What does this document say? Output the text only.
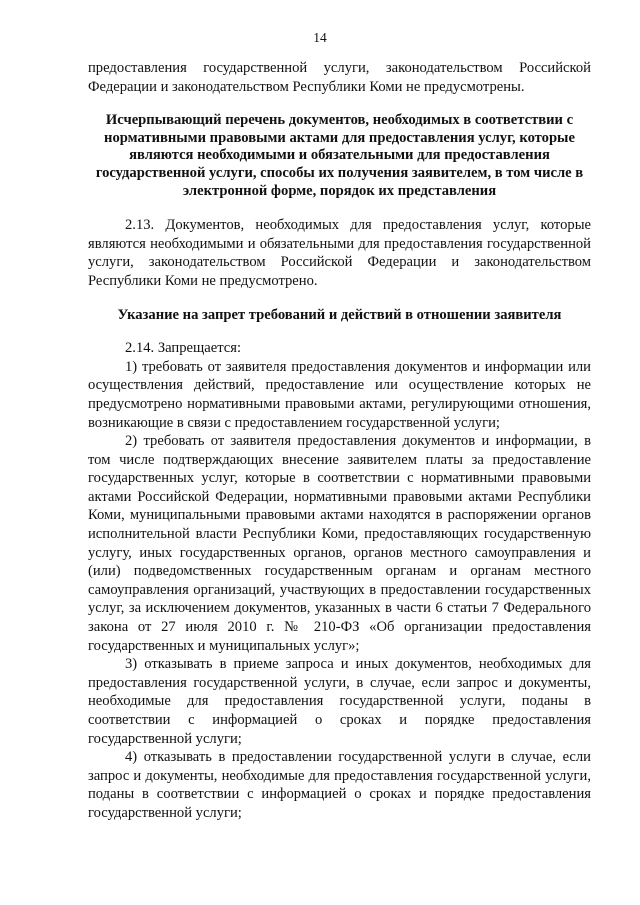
14

предоставления государственной услуги, законодательством Российской Федерации и законодательством Республики Коми не предусмотрены.

Исчерпывающий перечень документов, необходимых в соответствии с нормативными правовыми актами для предоставления услуг, которые являются необходимыми и обязательными для предоставления государственной услуги, способы их получения заявителем, в том числе в электронной форме, порядок их представления

2.13. Документов, необходимых для предоставления услуг, которые являются необходимыми и обязательными для предоставления государственной услуги, законодательством Российской Федерации и законодательством Республики Коми не предусмотрено.

Указание на запрет требований и действий в отношении заявителя

2.14. Запрещается:

1) требовать от заявителя предоставления документов и информации или осуществления действий, предоставление или осуществление которых не предусмотрено нормативными правовыми актами, регулирующими отношения, возникающие в связи с предоставлением государственной услуги;

2) требовать от заявителя предоставления документов и информации, в том числе подтверждающих внесение заявителем платы за предоставление государственных услуг, которые в соответствии с нормативными правовыми актами Российской Федерации, нормативными правовыми актами Республики Коми, муниципальными правовыми актами находятся в распоряжении органов исполнительной власти Республики Коми, предоставляющих государственную услугу, иных государственных органов, органов местного самоуправления и (или) подведомственных государственным органам и органам местного самоуправления организаций, участвующих в предоставлении государственных услуг, за исключением документов, указанных в части 6 статьи 7 Федерального закона от 27 июля 2010 г. № 210-ФЗ «Об организации предоставления государственных и муниципальных услуг»;

3) отказывать в приеме запроса и иных документов, необходимых для предоставления государственной услуги, в случае, если запрос и документы, необходимые для предоставления государственной услуги, поданы в соответствии с информацией о сроках и порядке предоставления государственной услуги;

4) отказывать в предоставлении государственной услуги в случае, если запрос и документы, необходимые для предоставления государственной услуги, поданы в соответствии с информацией о сроках и порядке предоставления государственной услуги;
